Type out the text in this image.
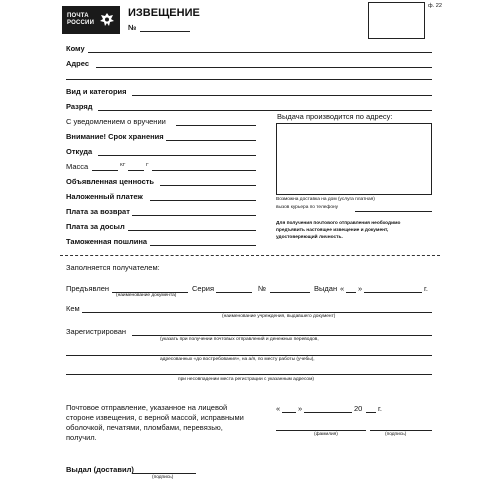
ПОЧТА
РОССИИ
ИЗВЕЩЕНИЕ
№
ф. 22
Кому
Адрес
Вид и категория
Разряд
С уведомлением о вручении
Внимание! Срок хранения
Откуда
Масса	КГ	Г
Объявленная ценность
Наложенный платеж
Плата за возврат
Плата за досыл
Таможенная пошлина
Выдача производится по адресу:
Возможна доставка на дом (услуга платная)
вызов курьера по телефону
Для получения почтового отправления необходимо
предъявить настоящее извещение и документ,
удостоверяющий личность.
Заполняется получателем:
Предъявлен
(наименование документа)
Серия	№	Выдан « »	г.
Кем
(наименование учреждения, выдавшего документ)
Зарегистрирован
(указать при получении почтовых отправлений и денежных переводов,
адресованных «до востребования», на а/я, по месту работы (учебы),
при несовпадении места регистрации с указанным адресом)
Почтовое отправление, указанное на лицевой
стороне извещения, с верной массой, исправными
оболочкой, печатями, пломбами, перевязью,
получил.
« »	20 г.
(фамилия)	(подпись)
Выдал (доставил)
(подпись)
